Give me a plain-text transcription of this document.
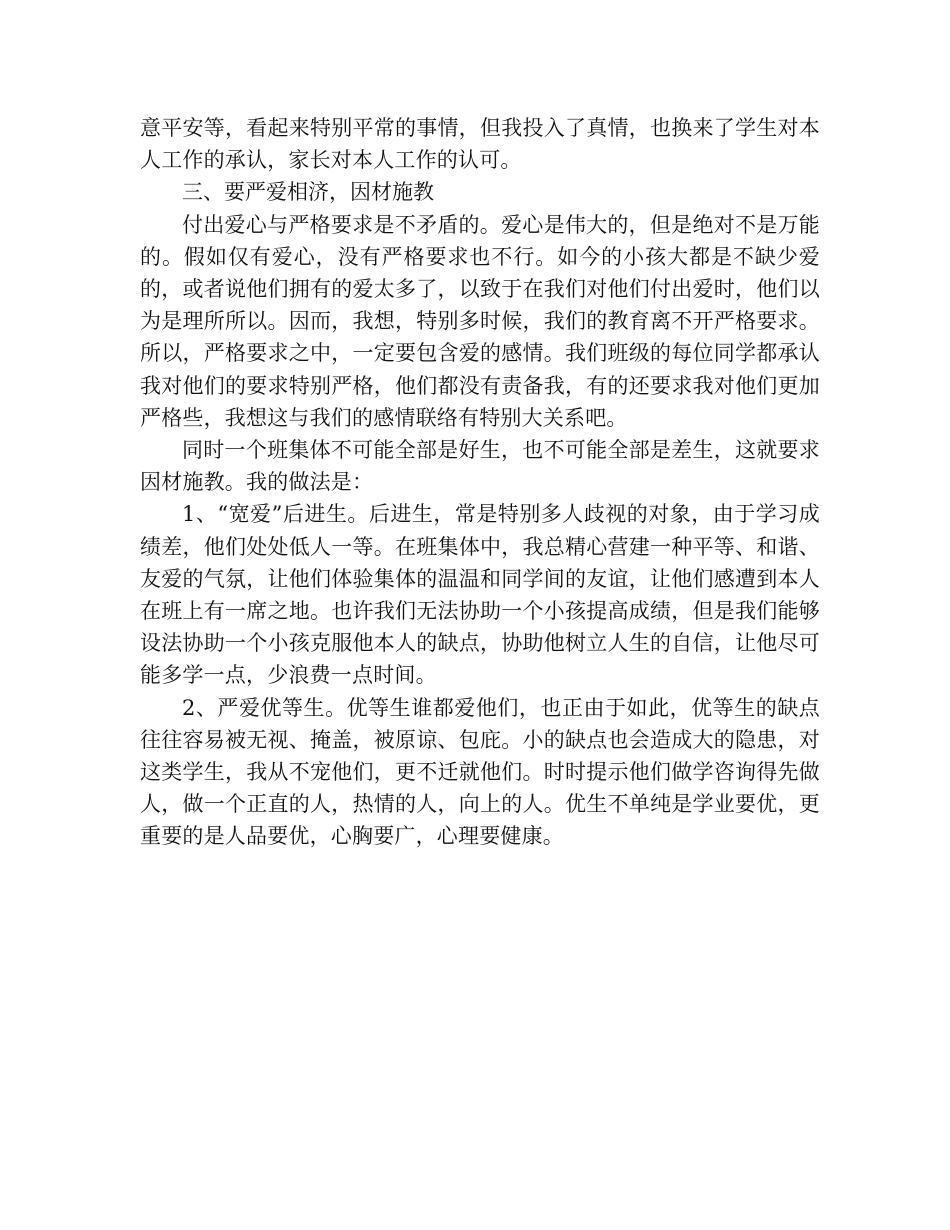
意平安等，看起来特别平常的事情，但我投入了真情，也换来了学生对本人工作的承认，家长对本人工作的认可。

三、要严爱相济，因材施教

付出爱心与严格要求是不矛盾的。爱心是伟大的，但是绝对不是万能的。假如仅有爱心，没有严格要求也不行。如今的小孩大都是不缺少爱的，或者说他们拥有的爱太多了，以致于在我们对他们付出爱时，他们以为是理所所以。因而，我想，特别多时候，我们的教育离不开严格要求。所以，严格要求之中，一定要包含爱的感情。我们班级的每位同学都承认我对他们的要求特别严格，他们都没有责备我，有的还要求我对他们更加严格些，我想这与我们的感情联络有特别大关系吧。

同时一个班集体不可能全部是好生，也不可能全部是差生，这就要求因材施教。我的做法是：

1、“宽爱”后进生。后进生，常是特别多人歧视的对象，由于学习成绩差，他们处处低人一等。在班集体中，我总精心营建一种平等、和谐、友爱的气氛，让他们体验集体的温温和同学间的友谊，让他们感遭到本人在班上有一席之地。也许我们无法协助一个小孩提高成绩，但是我们能够设法协助一个小孩克服他本人的缺点，协助他树立人生的自信，让他尽可能多学一点，少浪费一点时间。

2、严爱优等生。优等生谁都爱他们，也正由于如此，优等生的缺点往往容易被无视、掩盖，被原谅、包庇。小的缺点也会造成大的隐患，对这类学生，我从不宠他们，更不迁就他们。时时提示他们做学咨询得先做人，做一个正直的人，热情的人，向上的人。优生不单纯是学业要优，更重要的是人品要优，心胸要广，心理要健康。
